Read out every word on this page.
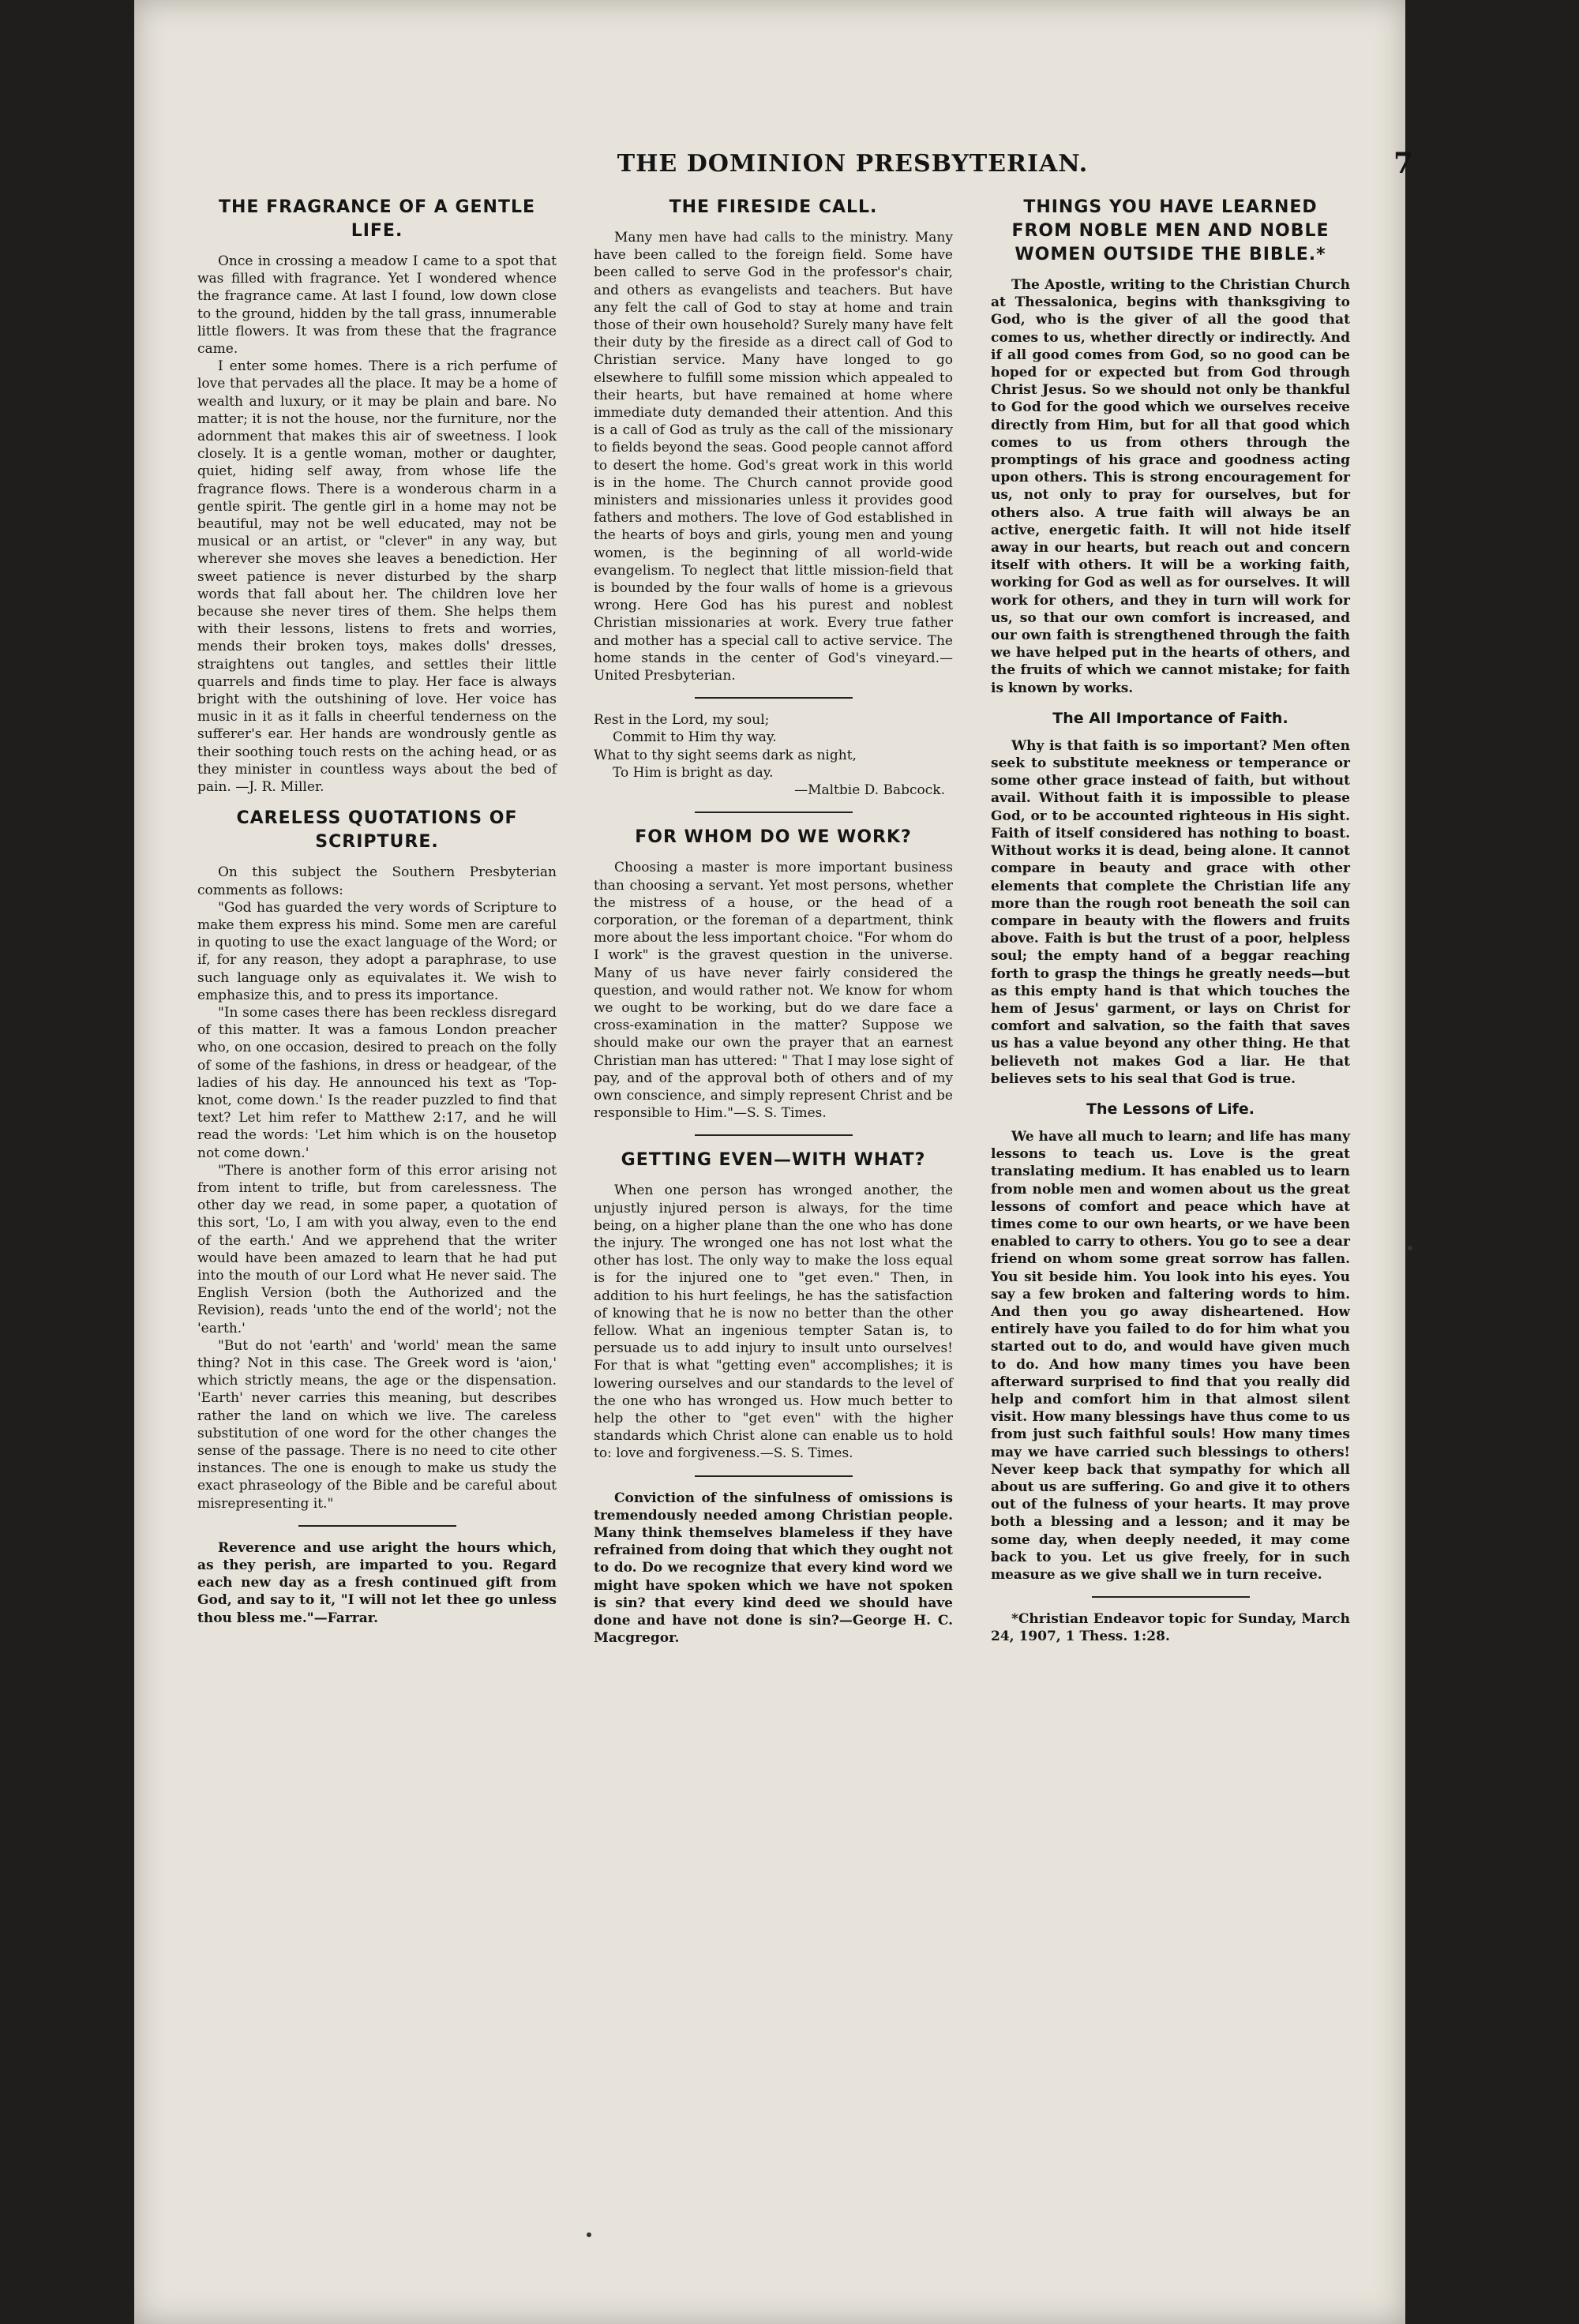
THE DOMINION PRESBYTERIAN.	7
THE FRAGRANCE OF A GENTLE LIFE.

Once in crossing a meadow I came to a spot that was filled with fragrance. Yet I wondered whence the fragrance came. At last I found, low down close to the ground, hidden by the tall grass, innumerable little flowers. It was from these that the fragrance came.

I enter some homes. There is a rich perfume of love that pervades all the place. It may be a home of wealth and luxury, or it may be plain and bare. No matter; it is not the house, nor the furniture, nor the adornment that makes this air of sweetness. I look closely. It is a gentle woman, mother or daughter, quiet, hiding self away, from whose life the fragrance flows. There is a wonderous charm in a gentle spirit. The gentle girl in a home may not be beautiful, may not be well educated, may not be musical or an artist, or "clever" in any way, but wherever she moves she leaves a benediction. Her sweet patience is never disturbed by the sharp words that fall about her. The children love her because she never tires of them. She helps them with their lessons, listens to frets and worries, mends their broken toys, makes dolls' dresses, straightens out tangles, and settles their little quarrels and finds time to play. Her face is always bright with the outshining of love. Her voice has music in it as it falls in cheerful tenderness on the sufferer's ear. Her hands are wondrously gentle as their soothing touch rests on the aching head, or as they minister in countless ways about the bed of pain. —J. R. Miller.

CARELESS QUOTATIONS OF SCRIPTURE.

On this subject the Southern Presbyterian comments as follows:

"God has guarded the very words of Scripture to make them express his mind. Some men are careful in quoting to use the exact language of the Word; or if, for any reason, they adopt a paraphrase, to use such language only as equivalates it. We wish to emphasize this, and to press its importance.

"In some cases there has been reckless disregard of this matter. It was a famous London preacher who, on one occasion, desired to preach on the folly of some of the fashions, in dress or headgear, of the ladies of his day. He announced his text as 'Top-knot, come down.' Is the reader puzzled to find that text? Let him refer to Matthew 2:17, and he will read the words: 'Let him which is on the housetop not come down.'

"There is another form of this error arising not from intent to trifle, but from carelessness. The other day we read, in some paper, a quotation of this sort, 'Lo, I am with you alway, even to the end of the earth.' And we apprehend that the writer would have been amazed to learn that he had put into the mouth of our Lord what He never said. The English Version (both the Authorized and the Revision), reads 'unto the end of the world'; not the 'earth.'

"But do not 'earth' and 'world' mean the same thing? Not in this case. The Greek word is 'aion,' which strictly means, the age or the dispensation. 'Earth' never carries this meaning, but describes rather the land on which we live. The careless substitution of one word for the other changes the sense of the passage. There is no need to cite other instances. The one is enough to make us study the exact phraseology of the Bible and be careful about misrepresenting it."

Reverence and use aright the hours which, as they perish, are imparted to you. Regard each new day as a fresh continued gift from God, and say to it, "I will not let thee go unless thou bless me."—Farrar.

THE FIRESIDE CALL.

Many men have had calls to the ministry. Many have been called to the foreign field. Some have been called to serve God in the professor's chair, and others as evangelists and teachers. But have any felt the call of God to stay at home and train those of their own household? Surely many have felt their duty by the fireside as a direct call of God to Christian service. Many have longed to go elsewhere to fulfill some mission which appealed to their hearts, but have remained at home where immediate duty demanded their attention. And this is a call of God as truly as the call of the missionary to fields beyond the seas. Good people cannot afford to desert the home. God's great work in this world is in the home. The Church cannot provide good ministers and missionaries unless it provides good fathers and mothers. The love of God established in the hearts of boys and girls, young men and young women, is the beginning of all world-wide evangelism. To neglect that little mission-field that is bounded by the four walls of home is a grievous wrong. Here God has his purest and noblest Christian missionaries at work. Every true father and mother has a special call to active service. The home stands in the center of God's vineyard.—United Presbyterian.

Rest in the Lord, my soul;
Commit to Him thy way.
What to thy sight seems dark as night,
To Him is bright as day.
—Maltbie D. Babcock.
FOR WHOM DO WE WORK?

Choosing a master is more important business than choosing a servant. Yet most persons, whether the mistress of a house, or the head of a corporation, or the foreman of a department, think more about the less important choice. "For whom do I work" is the gravest question in the universe. Many of us have never fairly considered the question, and would rather not. We know for whom we ought to be working, but do we dare face a cross-examination in the matter? Suppose we should make our own the prayer that an earnest Christian man has uttered: " That I may lose sight of pay, and of the approval both of others and of my own conscience, and simply represent Christ and be responsible to Him."—S. S. Times.

GETTING EVEN—WITH WHAT?

When one person has wronged another, the unjustly injured person is always, for the time being, on a higher plane than the one who has done the injury. The wronged one has not lost what the other has lost. The only way to make the loss equal is for the injured one to "get even." Then, in addition to his hurt feelings, he has the satisfaction of knowing that he is now no better than the other fellow. What an ingenious tempter Satan is, to persuade us to add injury to insult unto ourselves! For that is what "getting even" accomplishes; it is lowering ourselves and our standards to the level of the one who has wronged us. How much better to help the other to "get even" with the higher standards which Christ alone can enable us to hold to: love and forgiveness.—S. S. Times.

Conviction of the sinfulness of omissions is tremendously needed among Christian people. Many think themselves blameless if they have refrained from doing that which they ought not to do. Do we recognize that every kind word we might have spoken which we have not spoken is sin? that every kind deed we should have done and have not done is sin?—George H. C. Macgregor.

THINGS YOU HAVE LEARNED FROM NOBLE MEN AND NOBLE WOMEN OUTSIDE THE BIBLE.*

The Apostle, writing to the Christian Church at Thessalonica, begins with thanksgiving to God, who is the giver of all the good that comes to us, whether directly or indirectly. And if all good comes from God, so no good can be hoped for or expected but from God through Christ Jesus. So we should not only be thankful to God for the good which we ourselves receive directly from Him, but for all that good which comes to us from others through the promptings of his grace and goodness acting upon others. This is strong encouragement for us, not only to pray for ourselves, but for others also. A true faith will always be an active, energetic faith. It will not hide itself away in our hearts, but reach out and concern itself with others. It will be a working faith, working for God as well as for ourselves. It will work for others, and they in turn will work for us, so that our own comfort is increased, and our own faith is strengthened through the faith we have helped put in the hearts of others, and the fruits of which we cannot mistake; for faith is known by works.

The All Importance of Faith.

Why is that faith is so important? Men often seek to substitute meekness or temperance or some other grace instead of faith, but without avail. Without faith it is impossible to please God, or to be accounted righteous in His sight. Faith of itself considered has nothing to boast. Without works it is dead, being alone. It cannot compare in beauty and grace with other elements that complete the Christian life any more than the rough root beneath the soil can compare in beauty with the flowers and fruits above. Faith is but the trust of a poor, helpless soul; the empty hand of a beggar reaching forth to grasp the things he greatly needs—but as this empty hand is that which touches the hem of Jesus' garment, or lays on Christ for comfort and salvation, so the faith that saves us has a value beyond any other thing. He that believeth not makes God a liar. He that believes sets to his seal that God is true.

The Lessons of Life.

We have all much to learn; and life has many lessons to teach us. Love is the great translating medium. It has enabled us to learn from noble men and women about us the great lessons of comfort and peace which have at times come to our own hearts, or we have been enabled to carry to others. You go to see a dear friend on whom some great sorrow has fallen. You sit beside him. You look into his eyes. You say a few broken and faltering words to him. And then you go away disheartened. How entirely have you failed to do for him what you started out to do, and would have given much to do. And how many times you have been afterward surprised to find that you really did help and comfort him in that almost silent visit. How many blessings have thus come to us from just such faithful souls! How many times may we have carried such blessings to others! Never keep back that sympathy for which all about us are suffering. Go and give it to others out of the fulness of your hearts. It may prove both a blessing and a lesson; and it may be some day, when deeply needed, it may come back to you. Let us give freely, for in such measure as we give shall we in turn receive.

*Christian Endeavor topic for Sunday, March 24, 1907, 1 Thess. 1:28.
